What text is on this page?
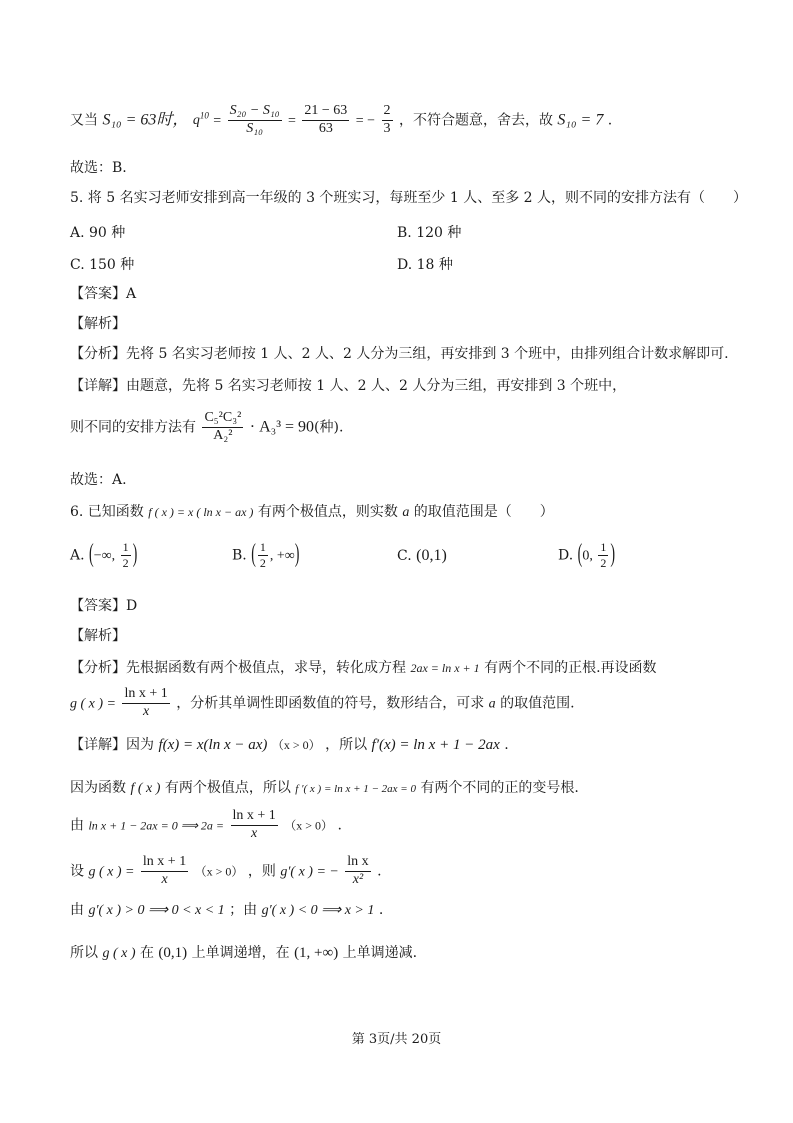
又当 S₁₀ = 63时， $q^{10} = \frac{\text{S₂₀ − S₁₀}}{\text{S₁₀}} = \frac{21 - 63}{63}$ = − $\frac{2}{3}$ ，不符合题意，舍去，故 S₁₀ = 7 .
故选：B.
5. 将 5 名实习老师安排到高一年级的 3 个班实习，每班至少 1 人、至多 2 人，则不同的安排方法有（　　）
A. 90 种	B. 120 种
C. 150 种	D. 18 种
【答案】A
【解析】
【分析】先将 5 名实习老师按 1 人、2 人、2 人分为三组，再安排到 3 个班中，由排列组合计数求解即可.
【详解】由题意，先将 5 名实习老师按 1 人、2 人、2 人分为三组，再安排到 3 个班中，
则不同的安排方法有 $\frac{\text{C₅²C₃²}}{\text{A₂²}} \cdot A_3^3 = 90$(种).
故选：A.
6. 已知函数 f ( x ) = x ( ln x − ax ) 有两个极值点，则实数 a 的取值范围是（　　）
A. (−∞, $\frac{1}{2}$ )	B. ( $\frac{1}{2}$ , +∞)	C. (0,1)	D. (0, $\frac{1}{2}$ )
【答案】D
【解析】
【分析】先根据函数有两个极值点，求导，转化成方程 2ax = ln x + 1 有两个不同的正根.再设函数
g ( x ) = $\frac{\text{ln x + 1}}{x}$ ，分析其单调性即函数值的符号，数形结合，可求 a 的取值范围.
【详解】因为 f(x) = x(ln x − ax) （x > 0） ，所以 f′(x) = ln x + 1 − 2ax .
因为函数 f ( x ) 有两个极值点，所以 f ′( x ) = ln x + 1 − 2ax = 0 有两个不同的正的变号根.
由 ln x + 1 − 2ax = 0 ⟹ $2a = \frac{\text{ln x + 1}}{x} (x > 0)$ .
设 g ( x ) = $\frac{\text{ln x + 1}}{x} (x > 0)$ ，则 g′( x ) = − $\frac{\text{ln x}}{\text{x²}}$ .
由 g′( x ) > 0 ⟹ 0 < x < 1 ；由 g′( x ) < 0 ⟹ x > 1 .
所以 g ( x ) 在 (0,1) 上单调递增，在 (1, +∞) 上单调递减.
第 3页/共 20页
